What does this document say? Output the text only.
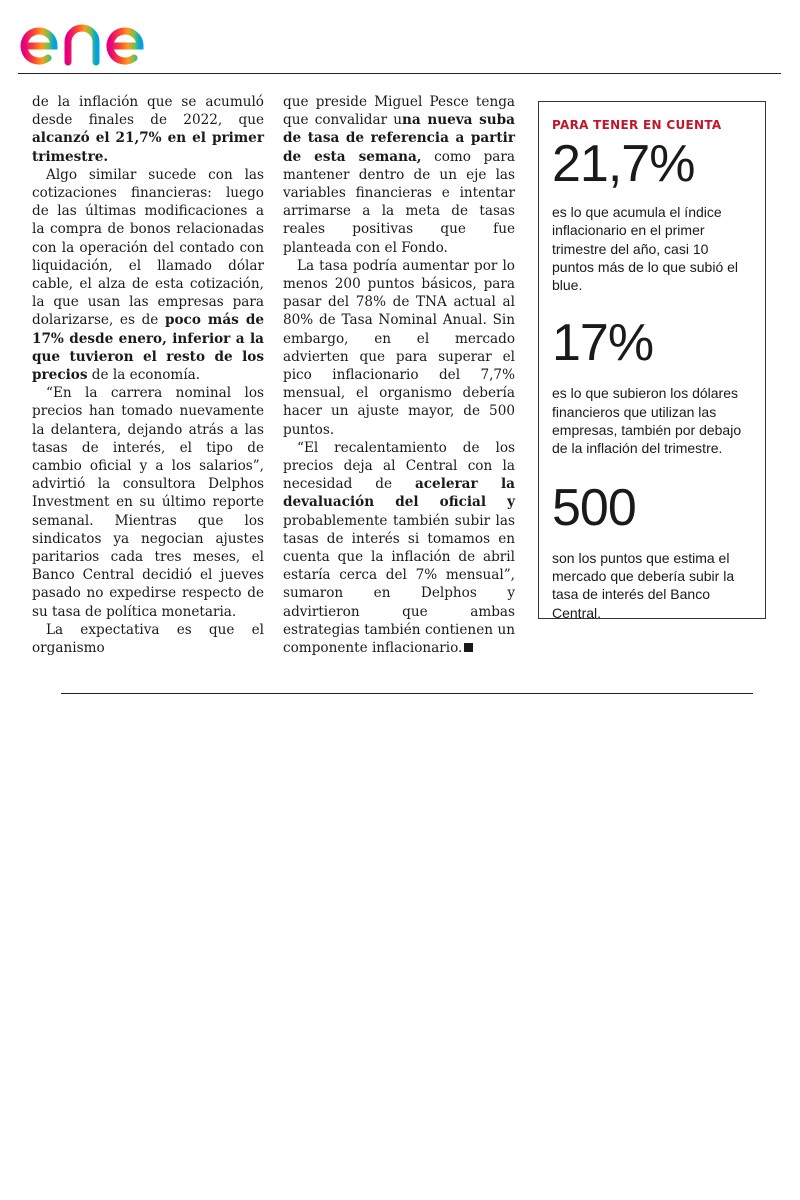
de la inflación que se acumuló desde finales de 2022, que alcanzó el 21,7% en el primer trimestre.

Algo similar sucede con las cotizaciones financieras: luego de las últimas modificaciones a la compra de bonos relacionadas con la operación del contado con liquidación, el llamado dólar cable, el alza de esta cotización, la que usan las empresas para dolarizarse, es de poco más de 17% desde enero, inferior a la que tuvieron el resto de los precios de la economía.

“En la carrera nominal los precios han tomado nuevamente la delantera, dejando atrás a las tasas de interés, el tipo de cambio oficial y a los salarios”, advirtió la consultora Delphos Investment en su último reporte semanal. Mientras que los sindicatos ya negocian ajustes paritarios cada tres meses, el Banco Central decidió el jueves pasado no expedirse respecto de su tasa de política monetaria.

La expectativa es que el organismo

que preside Miguel Pesce tenga que convalidar una nueva suba de tasa de referencia a partir de esta semana, como para mantener dentro de un eje las variables financieras e intentar arrimarse a la meta de tasas reales positivas que fue planteada con el Fondo.

La tasa podría aumentar por lo menos 200 puntos básicos, para pasar del 78% de TNA actual al 80% de Tasa Nominal Anual. Sin embargo, en el mercado advierten que para superar el pico inflacionario del 7,7% mensual, el organismo debería hacer un ajuste mayor, de 500 puntos.

“El recalentamiento de los precios deja al Central con la necesidad de acelerar la devaluación del oficial y probablemente también subir las tasas de interés si tomamos en cuenta que la inflación de abril estaría cerca del 7% mensual”, sumaron en Delphos y advirtieron que ambas estrategias también contienen un componente inflacionario.

PARA TENER EN CUENTA

21,7%

es lo que acumula el índice inflacionario en el primer trimestre del año, casi 10 puntos más de lo que subió el blue.

17%

es lo que subieron los dólares financieros que utilizan las empresas, también por debajo de la inflación del trimestre.

500

son los puntos que estima el mercado que debería subir la tasa de interés del Banco Central.
